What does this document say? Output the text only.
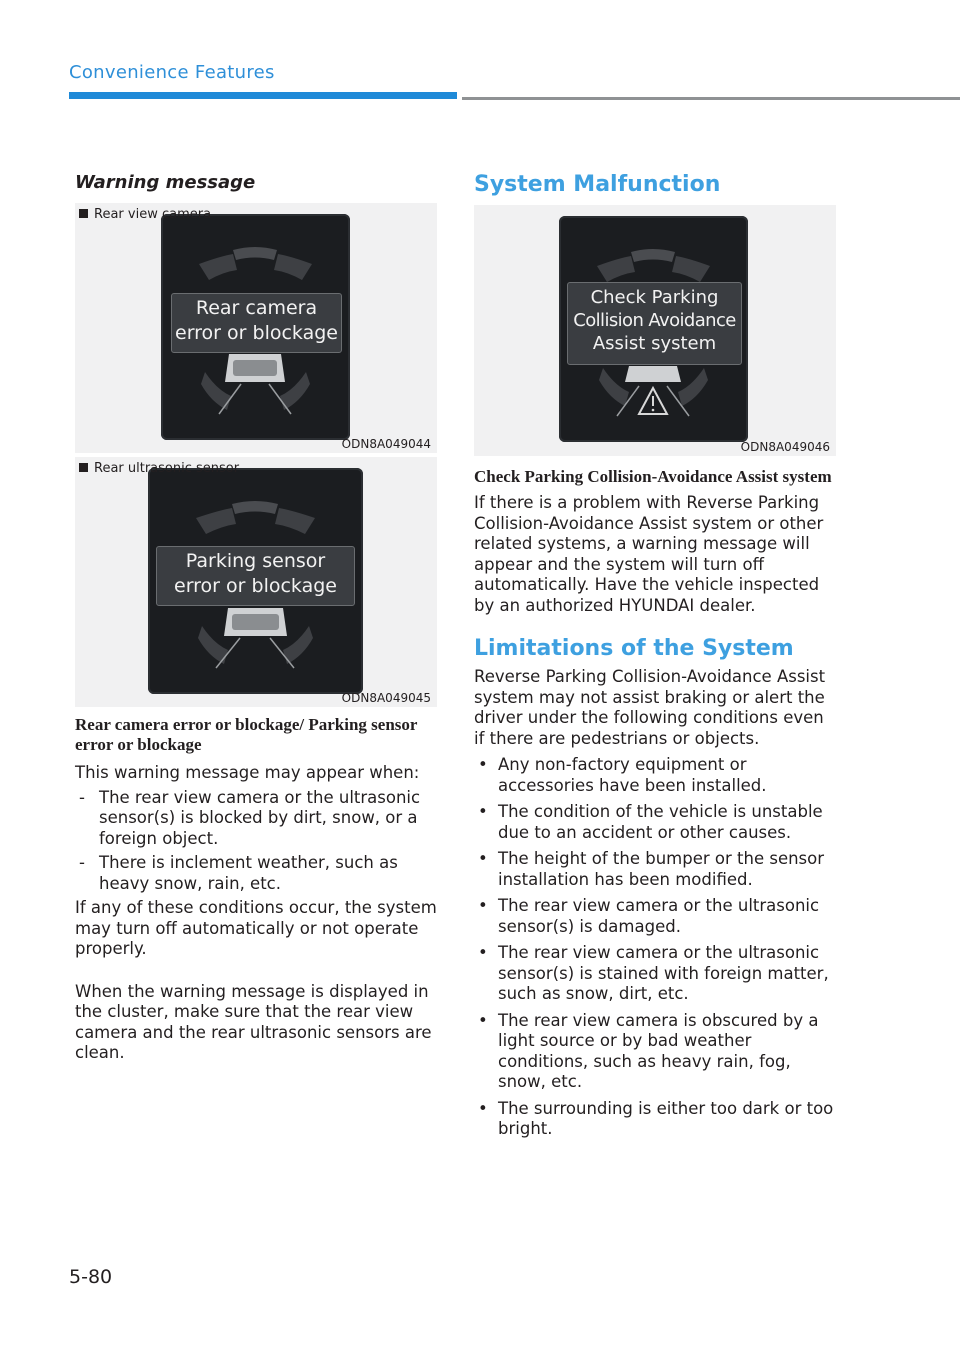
Convenience Features
Warning message
Rear view camera
Rear camera
error or blockage
ODN8A049044
Rear ultrasonic sensor
Parking sensor
error or blockage
ODN8A049045
Rear camera error or blockage/ Parking sensor error or blockage

This warning message may appear when:

- The rear view camera or the ultrasonic sensor(s) is blocked by dirt, snow, or a foreign object.
- There is inclement weather, such as heavy snow, rain, etc.

If any of these conditions occur, the system may turn off automatically or not operate properly.

When the warning message is displayed in the cluster, make sure that the rear view camera and the rear ultrasonic sensors are clean.

System Malfunction
Check Parking
Collision Avoidance
Assist system
ODN8A049046
Check Parking Collision-Avoidance Assist system

If there is a problem with Reverse Parking Collision-Avoidance Assist system or other related systems, a warning message will appear and the system will turn off automatically. Have the vehicle inspected by an authorized HYUNDAI dealer.

Limitations of the System

Reverse Parking Collision-Avoidance Assist system may not assist braking or alert the driver under the following conditions even if there are pedestrians or objects.

• Any non-factory equipment or accessories have been installed.
• The condition of the vehicle is unstable due to an accident or other causes.
• The height of the bumper or the sensor installation has been modified.
• The rear view camera or the ultrasonic sensor(s) is damaged.
• The rear view camera or the ultrasonic sensor(s) is stained with foreign matter, such as snow, dirt, etc.
• The rear view camera is obscured by a light source or by bad weather conditions, such as heavy rain, fog, snow, etc.
• The surrounding is either too dark or too bright.
5-80
